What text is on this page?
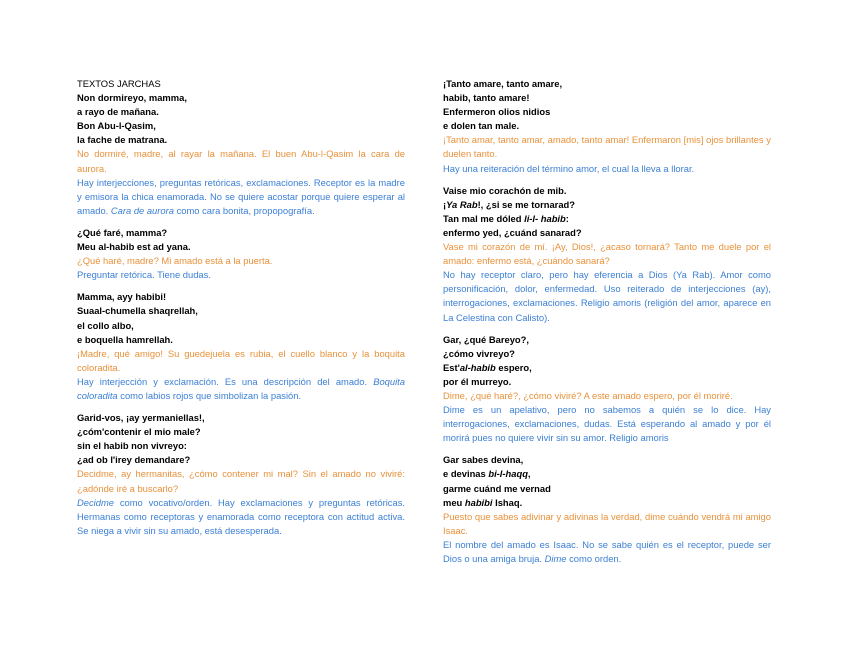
TEXTOS JARCHAS
Non dormireyo, mamma,
a rayo de mañana.
Bon Abu-l-Qasim,
la fache de matrana.
No dormiré, madre, al rayar la mañana. El buen Abu-l-Qasim la cara de aurora.
Hay interjecciones, preguntas retóricas, exclamaciones. Receptor es la madre y emisora la chica enamorada. No se quiere acostar porque quiere esperar al amado. Cara de aurora como cara bonita, propopografía.
¿Qué faré, mamma?
Meu al-habib est ad yana.
¿Qué haré, madre? Mi amado está a la puerta.
Preguntar retórica. Tiene dudas.
Mamma, ayy habibi!
Suaal-chumella shaqrellah,
el collo albo,
e boquella hamrellah.
¡Madre, qué amigo! Su guedejuela es rubia, el cuello blanco y la boquita coloradita.
Hay interjección y exclamación. Es una descripción del amado. Boquita coloradita como labios rojos que simbolizan la pasión.
Garid-vos, ¡ay yermaniellas!,
¿cóm'contenir el mio male?
sin el habib non vivreyo:
¿ad ob l'irey demandare?
Decidme, ay hermanitas, ¿cómo contener mi mal? Sin el amado no viviré: ¿adónde iré a buscarlo?
Decidme como vocativo/orden. Hay exclamaciones y preguntas retóricas. Hermanas como receptoras y enamorada como receptora con actitud activa. Se niega a vivir sin su amado, está desesperada.
¡Tanto amare, tanto amare,
habib, tanto amare!
Enfermeron olios nidios
e dolen tan male.
¡Tanto amar, tanto amar, amado, tanto amar! Enfermaron [mis] ojos brillantes y duelen tanto.
Hay una reiteración del término amor, el cual la lleva a llorar.
Vaise mio corachón de mib.
¡Ya Rab!, ¿si se me tornarad?
Tan mal me dóled li-l- habib:
enfermo yed, ¿cuánd sanarad?
Vase mi corazón de mí. ¡Ay, Dios!, ¿acaso tornará? Tanto me duele por el amado: enfermo está, ¿cuándo sanará?
No hay receptor claro, pero hay eferencia a Dios (Ya Rab). Amor como personificación, dolor, enfermedad. Uso reiterado de interjecciones (ay), interrogaciones, exclamaciones. Religio amoris (religión del amor, aparece en La Celestina con Calisto).
Gar, ¿qué Bareyo?,
¿cómo vivreyo?
Est'al-habib espero,
por él murreyo.
Dime, ¿qué haré?, ¿cómo viviré? A este amado espero, por él moriré.
Dime es un apelativo, pero no sabemos a quién se lo dice. Hay interrogaciones, exclamaciones, dudas. Está esperando al amado y por él morirá pues no quiere vivir sin su amor. Religio amoris
Gar sabes devina,
e devinas bi-l-haqq,
garme cuánd me vernad
meu habibi Ishaq.
Puesto que sabes adivinar y adivinas la verdad, dime cuándo vendrá mi amigo Isaac.
El nombre del amado es Isaac. No se sabe quién es el receptor, puede ser Dios o una amiga bruja. Dime como orden.
